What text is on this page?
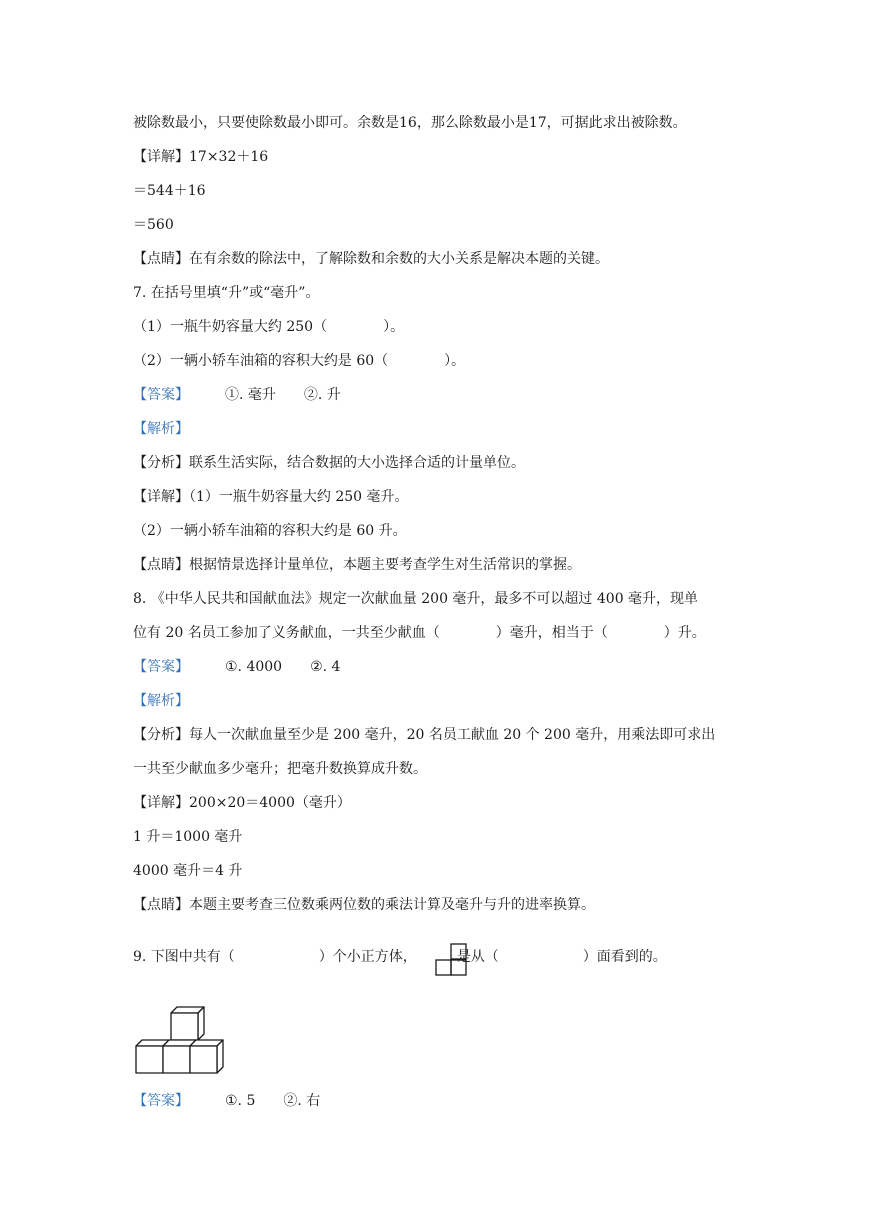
被除数最小，只要使除数最小即可。余数是16，那么除数最小是17，可据此求出被除数。
【详解】17×32＋16
＝544＋16
＝560
【点睛】在有余数的除法中，了解除数和余数的大小关系是解决本题的关键。
7. 在括号里填“升”或“毫升”。
（1）一瓶牛奶容量大约 250（	）。
（2）一辆小轿车油箱的容积大约是 60（	）。
【答案】	①. 毫升 ②. 升
【解析】
【分析】联系生活实际，结合数据的大小选择合适的计量单位。
【详解】（1）一瓶牛奶容量大约 250 毫升。
（2）一辆小轿车油箱的容积大约是 60 升。
【点睛】根据情景选择计量单位，本题主要考查学生对生活常识的掌握。
8. 《中华人民共和国献血法》规定一次献血量 200 毫升，最多不可以超过 400 毫升，现单
位有 20 名员工参加了义务献血，一共至少献血（	）毫升，相当于（	）升。
【答案】	①. 4000 ②. 4
【解析】
【分析】每人一次献血量至少是 200 毫升，20 名员工献血 20 个 200 毫升，用乘法即可求出
一共至少献血多少毫升；把毫升数换算成升数。
【详解】200×20＝4000（毫升）
1 升＝1000 毫升
4000 毫升＝4 升
【点睛】本题主要考查三位数乘两位数的乘法计算及毫升与升的进率换算。
9. 下图中共有（	）个小正方体，	是从（	）面看到的。
【答案】	①. 5 ②. 右
